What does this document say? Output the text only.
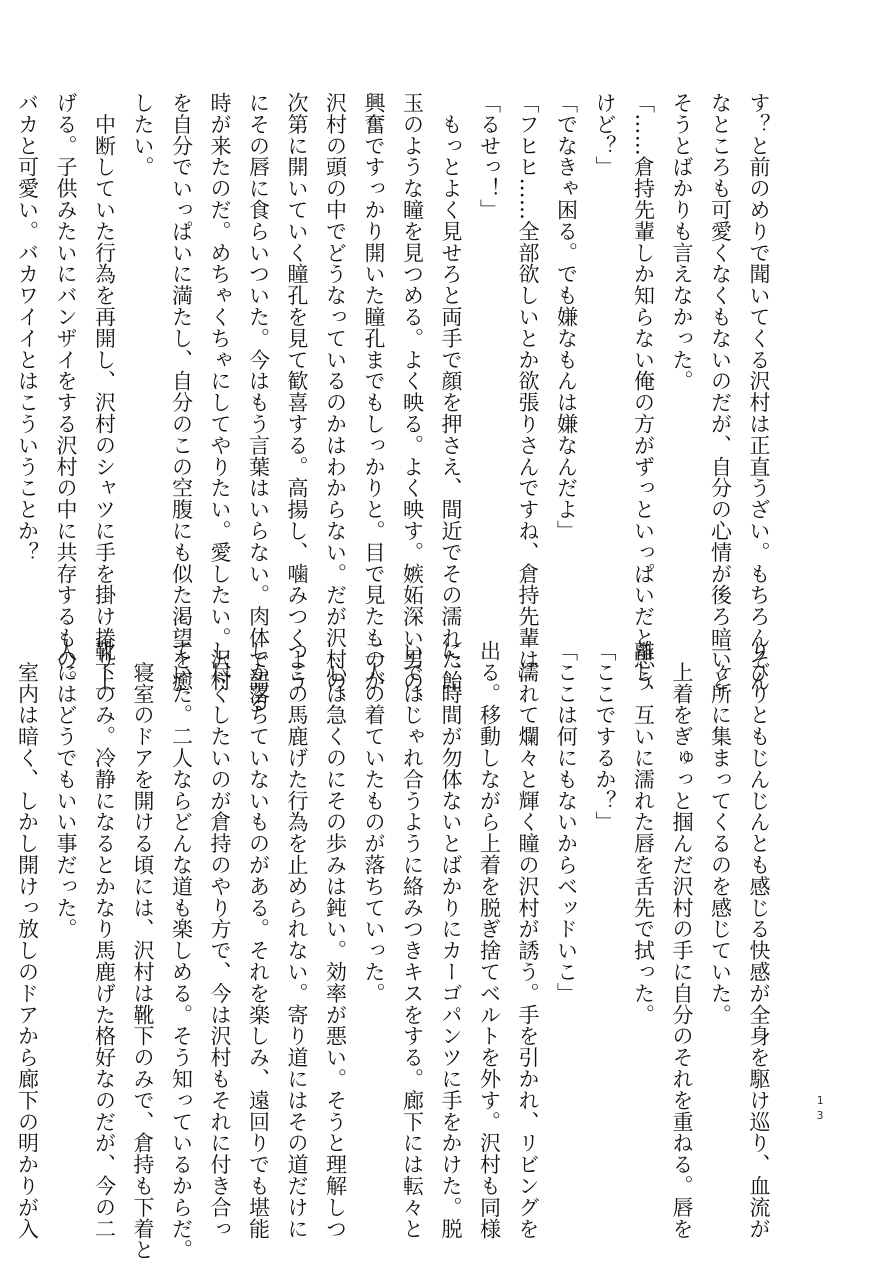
す？と前のめりで聞いてくる沢村は正直うざい。もちろんそん

なところも可愛くなくもないのだが、自分の心情が後ろ暗いと

そうとばかりも言えなかった。

「……倉持先輩しか知らない俺の方がずっといっぱいだと思う

けど？」

「でなきゃ困る。でも嫌なもんは嫌なんだよ」

「フヒヒ……全部欲しいとか欲張りさんですね、倉持先輩は」

「るせっ！」

　もっとよく見せろと両手で顔を押さえ、間近でその濡れた飴

玉のような瞳を見つめる。よく映る。よく映す。嫉妬深い男の、

興奮ですっかり開いた瞳孔までもしっかりと。目で見たものが

沢村の頭の中でどうなっているのかはわからない。だが沢村の、

次第に開いていく瞳孔を見て歓喜する。高揚し、噛みつくよう

にその唇に食らいついた。今はもう言葉はいらない。肉体で語る

時が来たのだ。めちゃくちゃにしてやりたい。愛したい。沢村

を自分でいっぱいに満たし、自分のこの空腹にも似た渇望を癒

したい。

　中断していた行為を再開し、沢村のシャツに手を掛け捲り上

げる。子供みたいにバンザイをする沢村の中に共存するもの。

バカと可愛い。バカワイイとはこういうことか？

りびりともじんじんとも感じる快感が全身を駆け巡り、血流が

一ヶ所に集まってくるのを感じていた。

　上着をぎゅっと掴んだ沢村の手に自分のそれを重ねる。唇を

離し、互いに濡れた唇を舌先で拭った。

「ここでするか？」

「ここは何にもないからベッドいこ」

　濡れて爛々と輝く瞳の沢村が誘う。手を引かれ、リビングを

出る。移動しながら上着を脱ぎ捨てベルトを外す。沢村も同様

に、時間が勿体ないとばかりにカーゴパンツに手をかけた。脱

いではじゃれ合うように絡みつきキスをする。廊下には転々と

二人の着ていたものが落ちていった。

　心は急くのにその歩みは鈍い。効率が悪い。そうと理解しつ

つこの馬鹿げた行為を止められない。寄り道にはその道だけに

しか落ちていないものがある。それを楽しみ、遠回りでも堪能

し尽くしたいのが倉持のやり方で、今は沢村もそれに付き合っ

ていた。二人ならどんな道も楽しめる。そう知っているからだ。

　寝室のドアを開ける頃には、沢村は靴下のみで、倉持も下着と

靴下のみ。冷静になるとかなり馬鹿げた格好なのだが、今の二

人にはどうでもいい事だった。

　室内は暗く、しかし開けっ放しのドアから廊下の明かりが入	1
3
